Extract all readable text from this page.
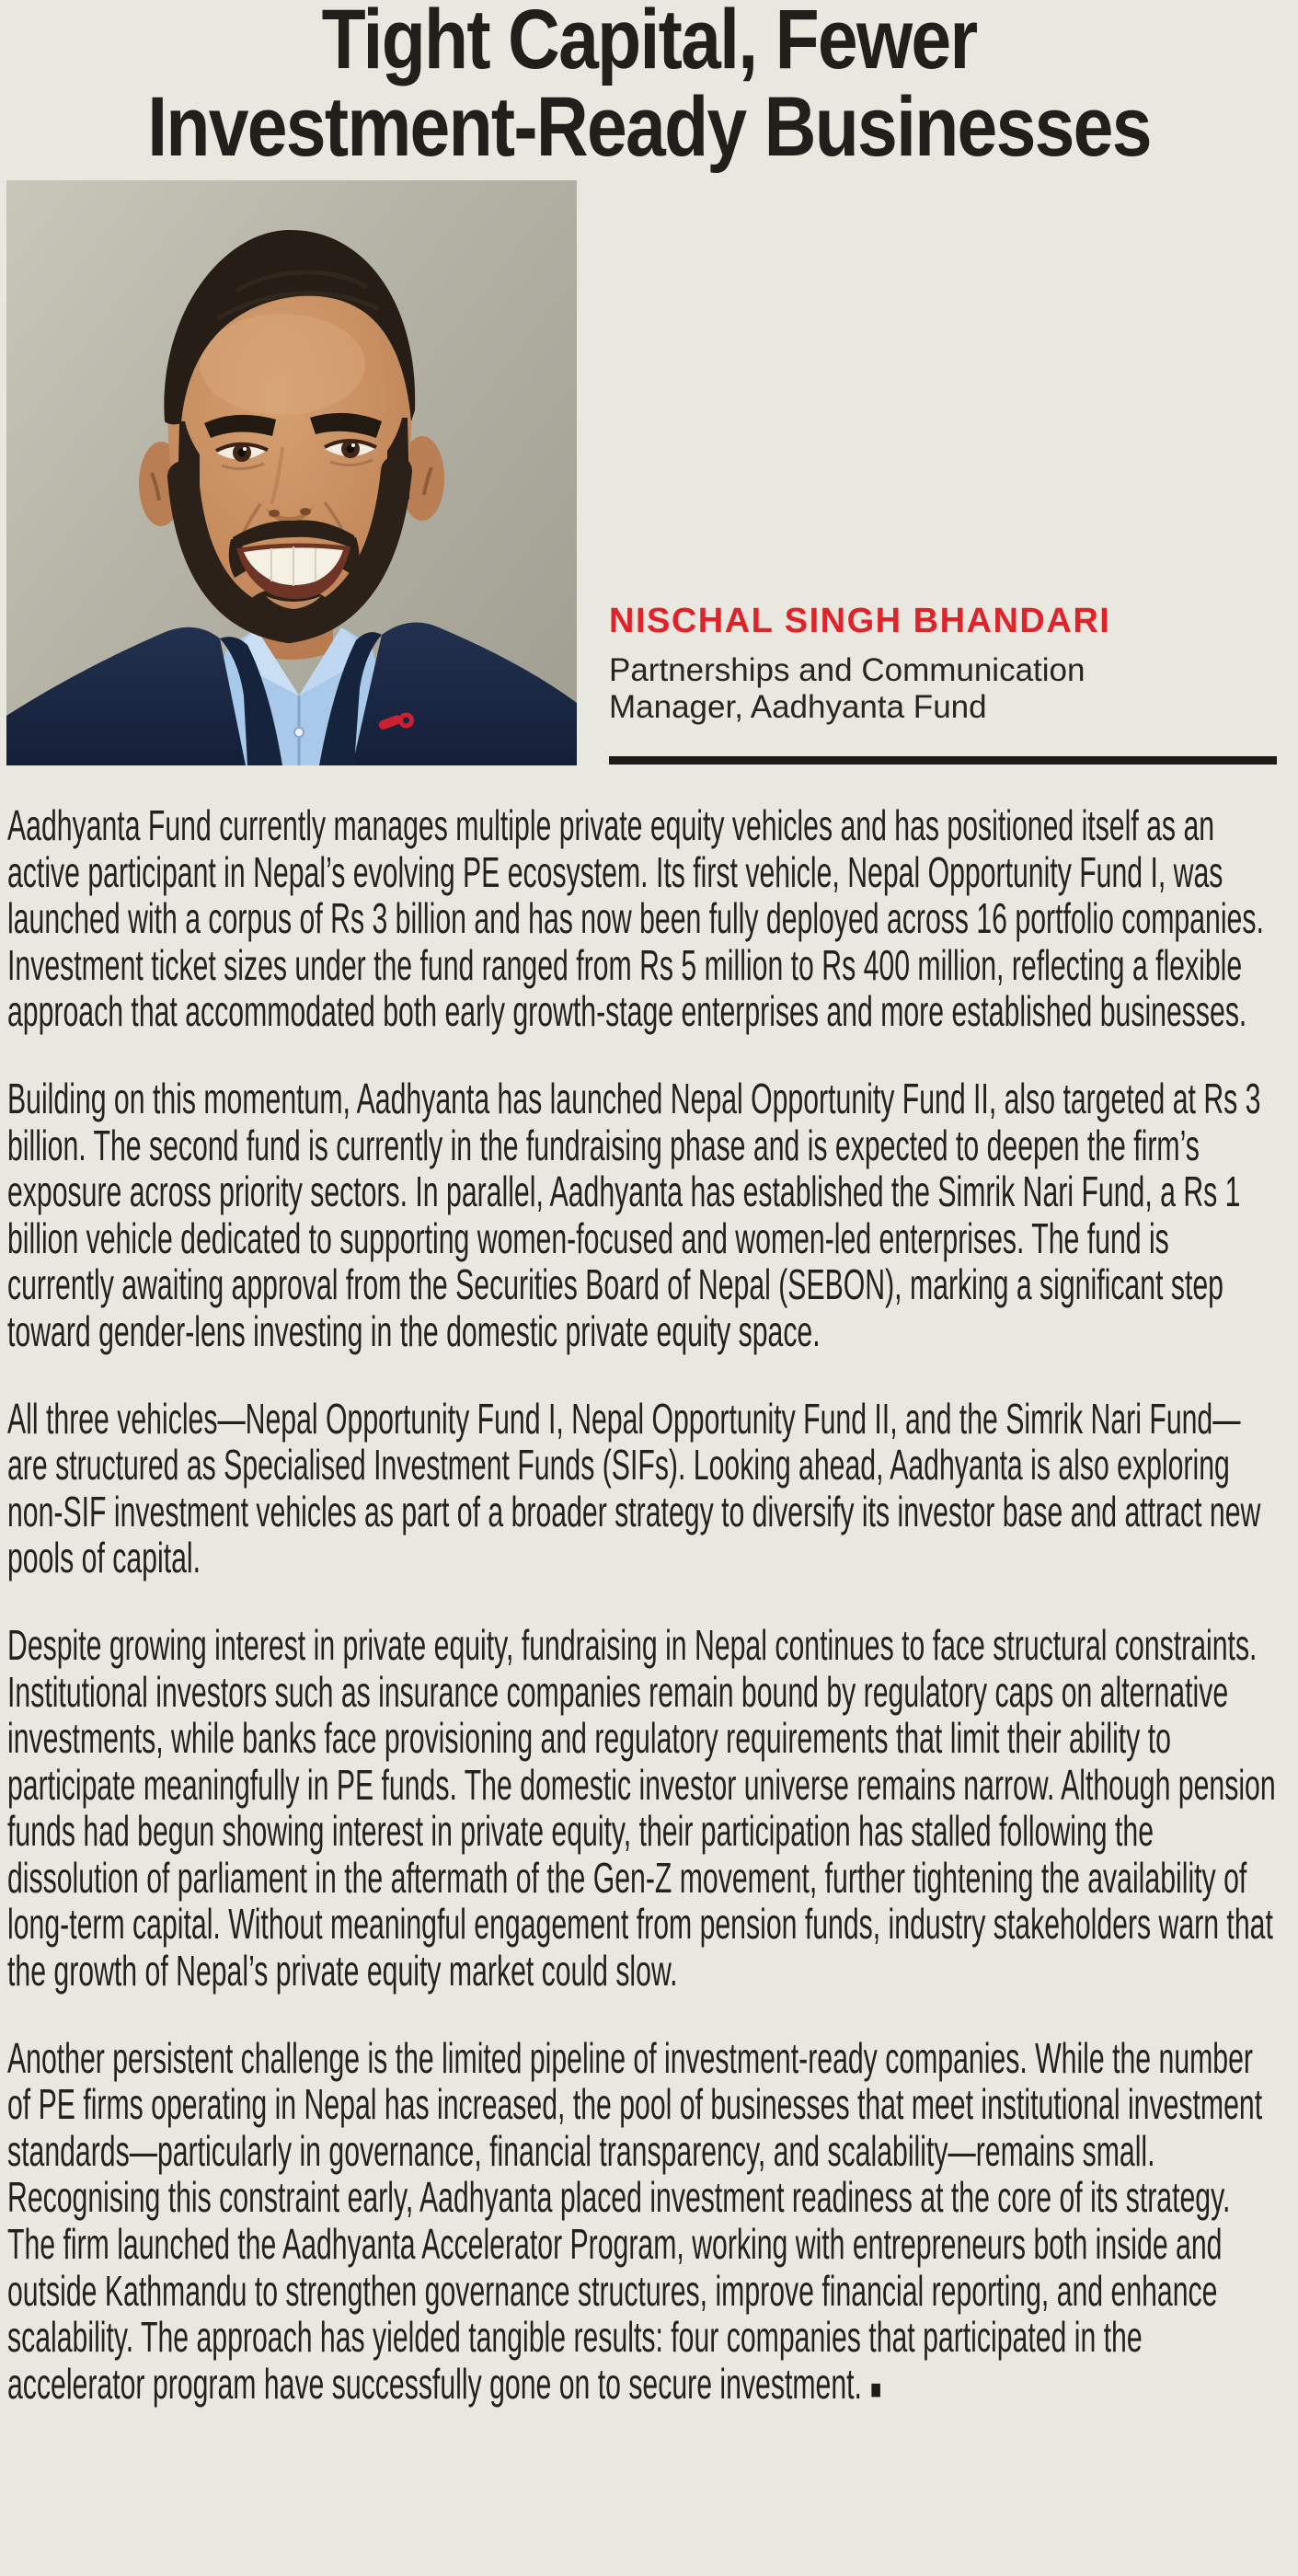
Tight Capital, Fewer
Investment-Ready Businesses
NISCHAL SINGH BHANDARI
Partnerships and Communication
Manager, Aadhyanta Fund

Aadhyanta Fund currently manages multiple private equity vehicles and has positioned itself as an active participant in Nepal’s evolving PE ecosystem. Its first vehicle, Nepal Opportunity Fund I, was launched with a corpus of Rs 3 billion and has now been fully deployed across 16 portfolio companies. Investment ticket sizes under the fund ranged from Rs 5 million to Rs 400 million, reflecting a flexible approach that accommodated both early growth-stage enterprises and more established businesses.

Building on this momentum, Aadhyanta has launched Nepal Opportunity Fund II, also targeted at Rs 3 billion. The second fund is currently in the fundraising phase and is expected to deepen the firm’s exposure across priority sectors. In parallel, Aadhyanta has established the Simrik Nari Fund, a Rs 1 billion vehicle dedicated to supporting women-focused and women-led enterprises. The fund is currently awaiting approval from the Securities Board of Nepal (SEBON), marking a significant step toward gender-lens investing in the domestic private equity space.

All three vehicles—Nepal Opportunity Fund I, Nepal Opportunity Fund II, and the Simrik Nari Fund—are structured as Specialised Investment Funds (SIFs). Looking ahead, Aadhyanta is also exploring non-SIF investment vehicles as part of a broader strategy to diversify its investor base and attract new pools of capital.

Despite growing interest in private equity, fundraising in Nepal continues to face structural constraints. Institutional investors such as insurance companies remain bound by regulatory caps on alternative investments, while banks face provisioning and regulatory requirements that limit their ability to participate meaningfully in PE funds. The domestic investor universe remains narrow. Although pension funds had begun showing interest in private equity, their participation has stalled following the dissolution of parliament in the aftermath of the Gen-Z movement, further tightening the availability of long-term capital. Without meaningful engagement from pension funds, industry stakeholders warn that the growth of Nepal’s private equity market could slow.

Another persistent challenge is the limited pipeline of investment-ready companies. While the number of PE firms operating in Nepal has increased, the pool of businesses that meet institutional investment standards—particularly in governance, financial transparency, and scalability—remains small. Recognising this constraint early, Aadhyanta placed investment readiness at the core of its strategy. The firm launched the Aadhyanta Accelerator Program, working with entrepreneurs both inside and outside Kathmandu to strengthen governance structures, improve financial reporting, and enhance scalability. The approach has yielded tangible results: four companies that participated in the accelerator program have successfully gone on to secure investment. ■
